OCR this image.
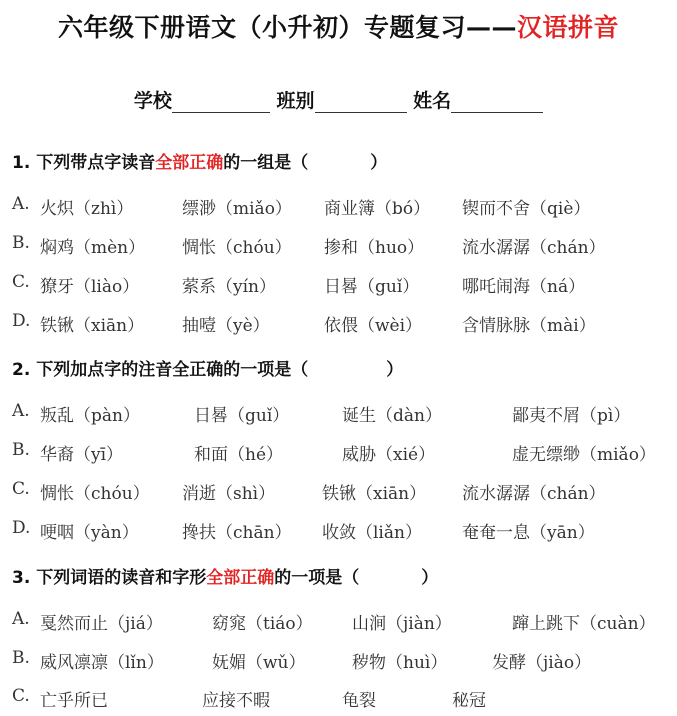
六年级下册语文（小升初）专题复习——汉语拼音
学校	班别	姓名
1. 下列带点字读音全部正确的一组是（	）
A. 火炽（zhì）	缥渺（miǎo） 商业簿（bó） 锲而不舍（qiè）
B. 焖鸡（mèn） 惆怅（chóu） 掺和（huo） 流水潺潺（chán）
C. 獠牙（liào）	萦系（yín）	日晷（guǐ）	哪吒闹海（ná）
D. 铁锹（xiān） 抽噎（yè）	依偎（wèi） 含情脉脉（mài）
2. 下列加点字的注音全正确的一项是（	）
A. 叛乱（pàn）	日晷（guǐ）	诞生（dàn）	鄙夷不屑（pì）
B. 华裔（yī）	和面（hé）	威胁（xié）	虚无缥缈（miǎo）
C. 惆怅（chóu） 消逝（shì）	铁锹（xiān） 流水潺潺（chán）
D. 哽咽（yàn）	搀扶（chān） 收敛（liǎn） 奄奄一息（yān）
3. 下列词语的读音和字形全部正确的一项是（	）
A. 戛然而止（jiá）	窈窕（tiáo） 山涧（jiàn）	蹿上跳下（cuàn）
B. 威风凛凛（lǐn）	妩媚（wǔ）	秽物（huì）	发酵（jiào）
C. 亡乎所已	应接不暇	龟裂	秘冠
